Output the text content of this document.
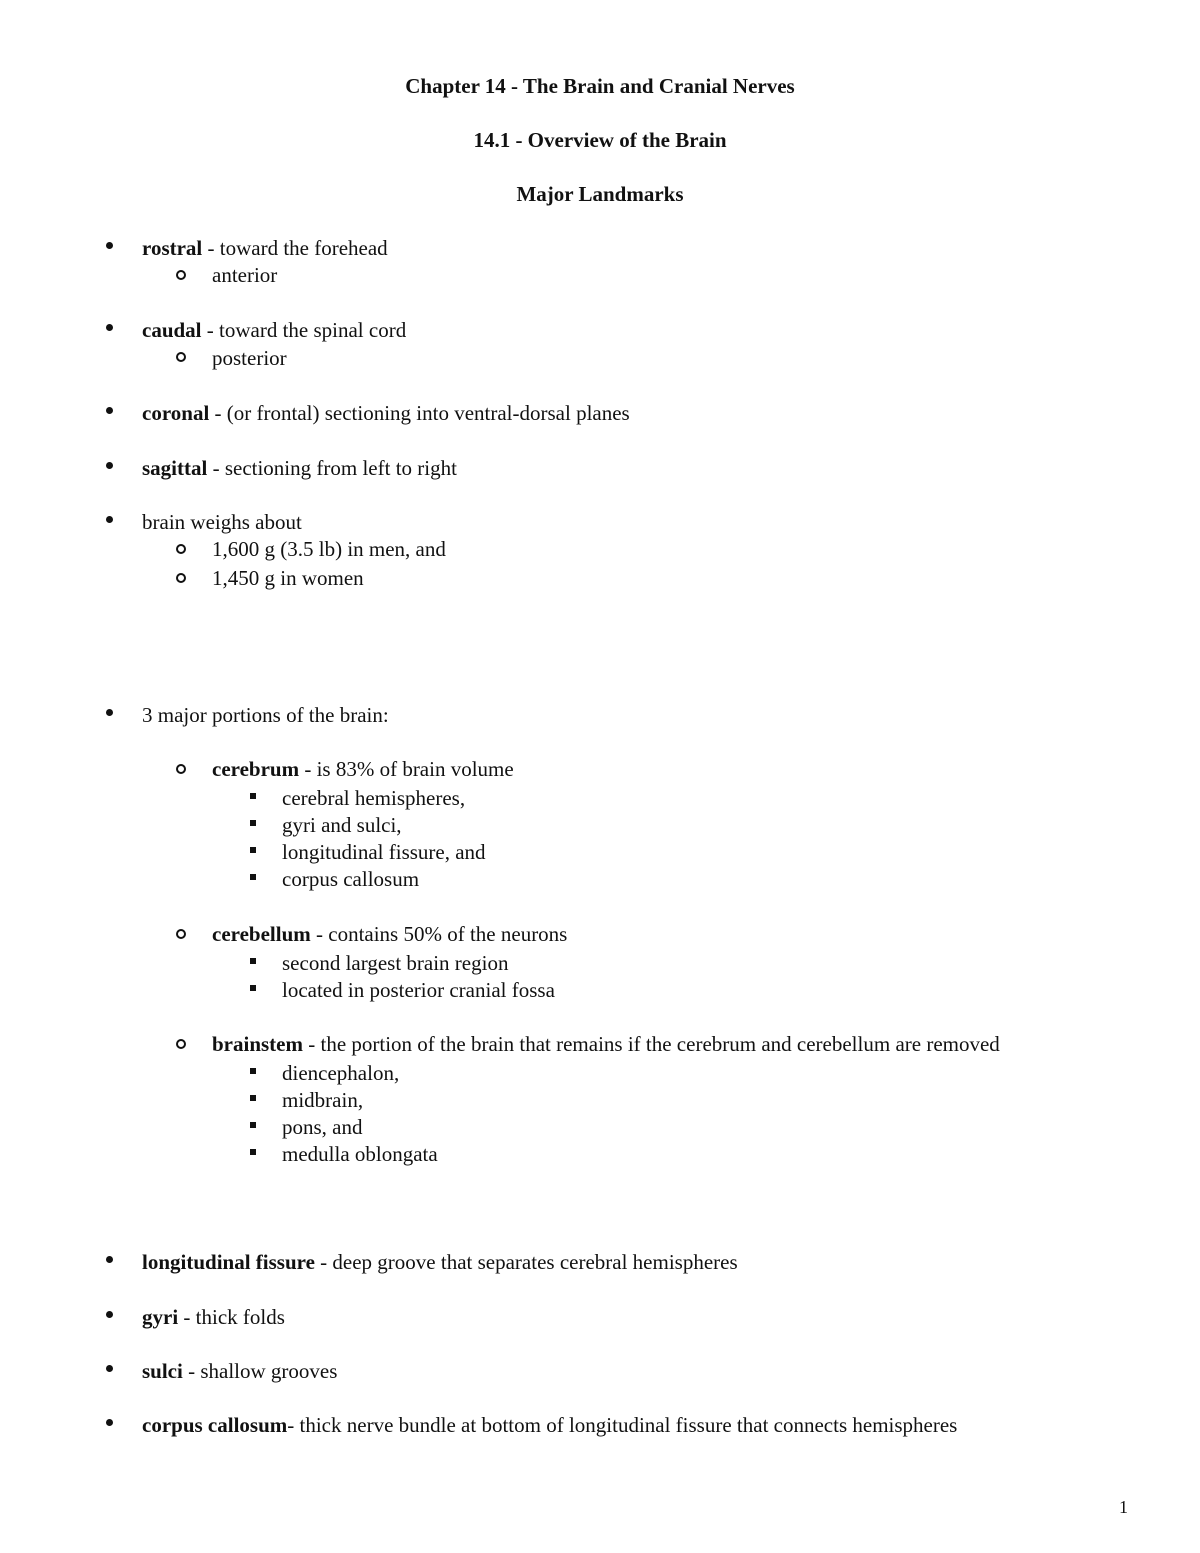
Chapter 14 - The Brain and Cranial Nerves
14.1 - Overview of the Brain
Major Landmarks
rostral - toward the forehead
anterior
caudal - toward the spinal cord
posterior
coronal - (or frontal) sectioning into ventral-dorsal planes
sagittal - sectioning from left to right
brain weighs about
1,600 g (3.5 lb) in men, and
1,450 g in women
3 major portions of the brain:
cerebrum - is 83% of brain volume
cerebral hemispheres,
gyri and sulci,
longitudinal fissure, and
corpus callosum
cerebellum - contains 50% of the neurons
second largest brain region
located in posterior cranial fossa
brainstem - the portion of the brain that remains if the cerebrum and cerebellum are removed
diencephalon,
midbrain,
pons, and
medulla oblongata
longitudinal fissure - deep groove that separates cerebral hemispheres
gyri - thick folds
sulci - shallow grooves
corpus callosum- thick nerve bundle at bottom of longitudinal fissure that connects hemispheres
1
